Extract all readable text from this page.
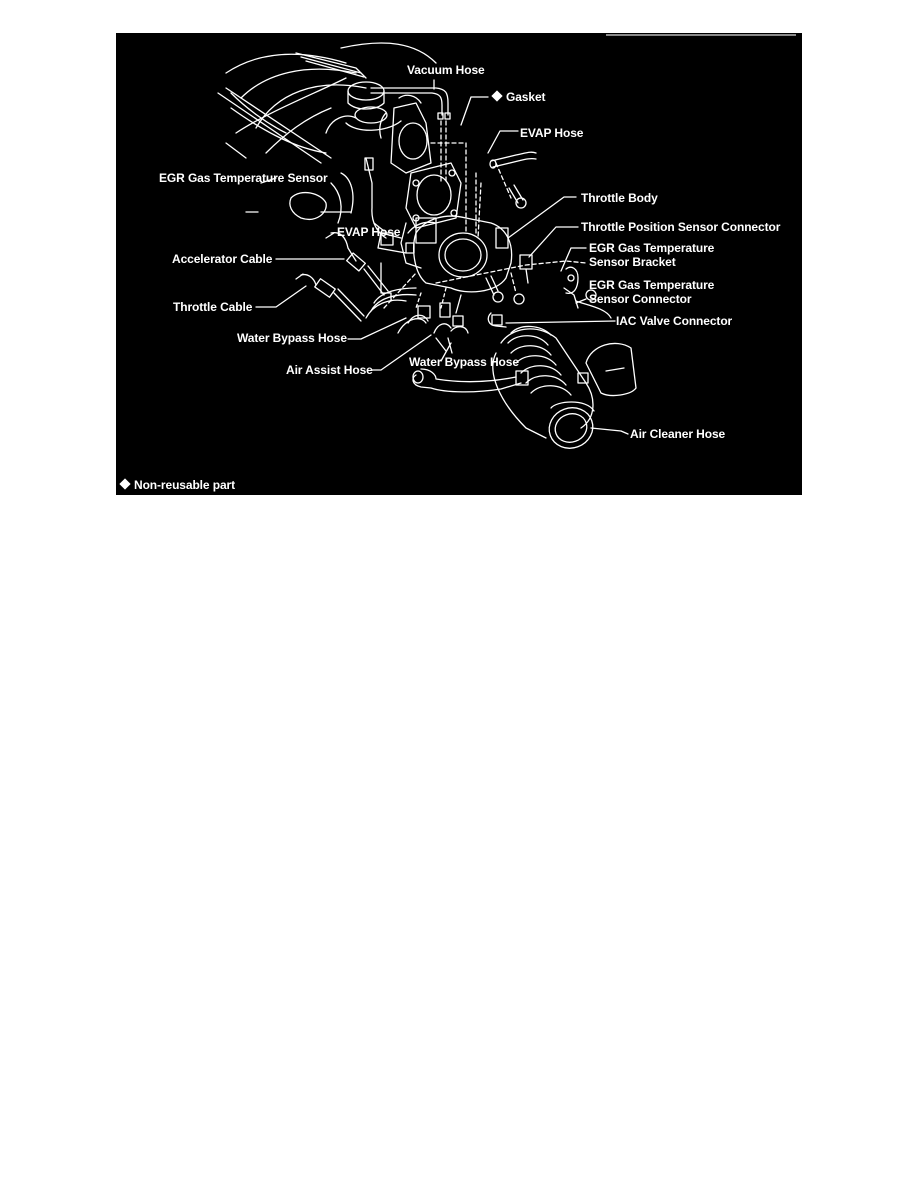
Vacuum Hose
Gasket
EVAP Hose
EGR Gas Temperature Sensor
Throttle Body
Throttle Position Sensor Connector
EVAP Hose
Accelerator Cable
EGR Gas Temperature
Sensor Bracket
EGR Gas Temperature
Sensor Connector
Throttle Cable
Water Bypass Hose
IAC Valve Connector
Air Assist Hose
Water Bypass Hose
Air Cleaner Hose
Non-reusable part
